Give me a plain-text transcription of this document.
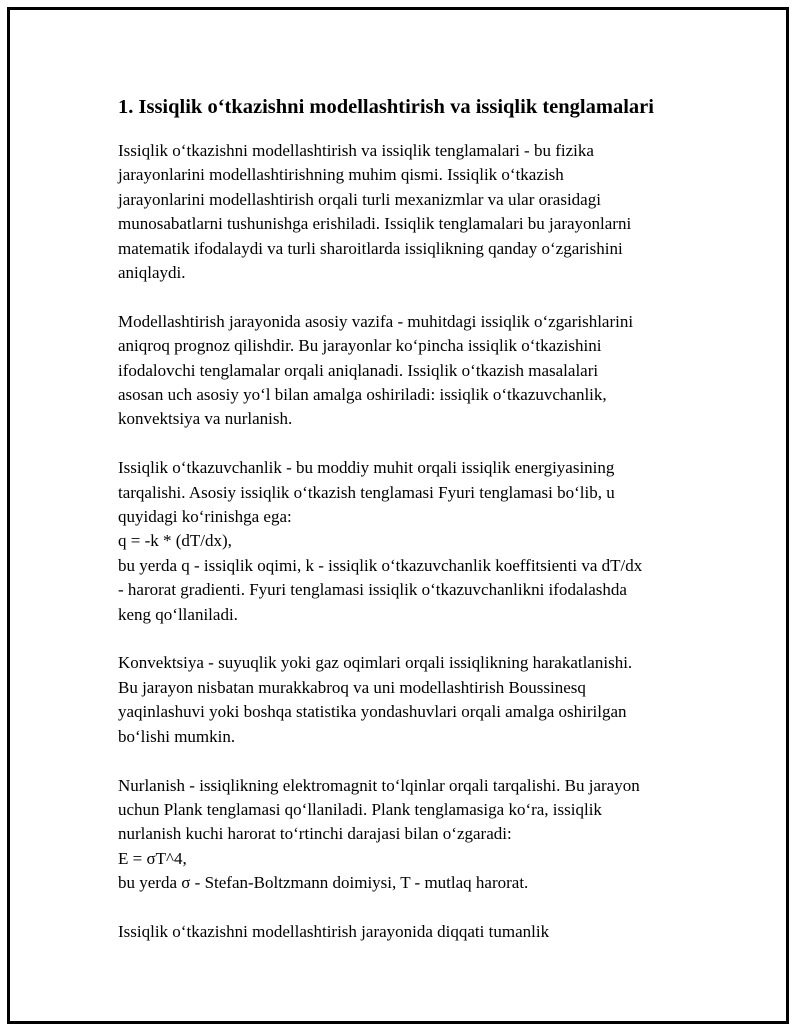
1. Issiqlik o‘tkazishni modellashtirish va issiqlik tenglamalari
Issiqlik o‘tkazishni modellashtirish va issiqlik tenglamalari - bu fizika
jarayonlarini modellashtirishning muhim qismi. Issiqlik o‘tkazish
jarayonlarini modellashtirish orqali turli mexanizmlar va ular orasidagi
munosabatlarni tushunishga erishiladi. Issiqlik tenglamalari bu jarayonlarni
matematik ifodalaydi va turli sharoitlarda issiqlikning qanday o‘zgarishini
aniqlaydi.
Modellashtirish jarayonida asosiy vazifa - muhitdagi issiqlik o‘zgarishlarini
aniqroq prognoz qilishdir. Bu jarayonlar ko‘pincha issiqlik o‘tkazishini
ifodalovchi tenglamalar orqali aniqlanadi. Issiqlik o‘tkazish masalalari
asosan uch asosiy yo‘l bilan amalga oshiriladi: issiqlik o‘tkazuvchanlik,
konvektsiya va nurlanish.
Issiqlik o‘tkazuvchanlik - bu moddiy muhit orqali issiqlik energiyasining
tarqalishi. Asosiy issiqlik o‘tkazish tenglamasi Fyuri tenglamasi bo‘lib, u
quyidagi ko‘rinishga ega:
q = -k * (dT/dx),
bu yerda q - issiqlik oqimi, k - issiqlik o‘tkazuvchanlik koeffitsienti va dT/dx
- harorat gradienti. Fyuri tenglamasi issiqlik o‘tkazuvchanlikni ifodalashda
keng qo‘llaniladi.
Konvektsiya - suyuqlik yoki gaz oqimlari orqali issiqlikning harakatlanishi.
Bu jarayon nisbatan murakkabroq va uni modellashtirish Boussinesq
yaqinlashuvi yoki boshqa statistika yondashuvlari orqali amalga oshirilgan
bo‘lishi mumkin.
Nurlanish - issiqlikning elektromagnit to‘lqinlar orqali tarqalishi. Bu jarayon
uchun Plank tenglamasi qo‘llaniladi. Plank tenglamasiga ko‘ra, issiqlik
nurlanish kuchi harorat to‘rtinchi darajasi bilan o‘zgaradi:
E = σT^4,
bu yerda σ - Stefan-Boltzmann doimiysi, T - mutlaq harorat.
Issiqlik o‘tkazishni modellashtirish jarayonida diqqati tumanlik
